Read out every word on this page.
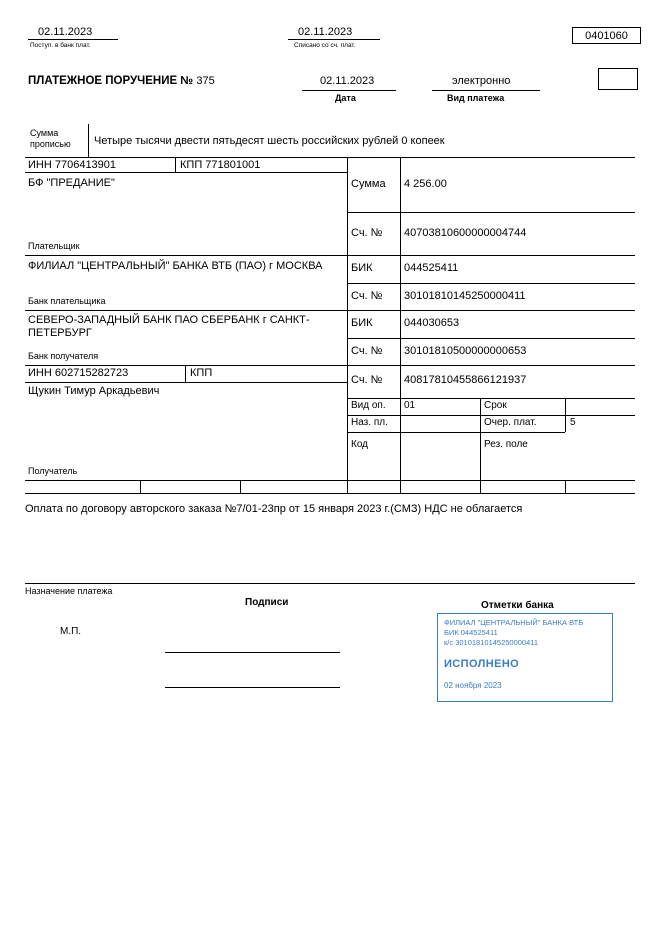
02.11.2023
Поступ. в банк плат.
02.11.2023
Списано со сч. плат.
0401060
ПЛАТЕЖНОЕ ПОРУЧЕНИЕ № 375	02.11.2023
Дата
электронно
Вид платежа
Сумма
прописью Четыре тысячи двести пятьдесят шесть российских рублей 0 копеек
ИНН 7706413901	КПП 771801001
БФ "ПРЕДАНИЕ"
Плательщик
Сумма 4 256.00
Сч. № 40703810600000004744
ФИЛИАЛ "ЦЕНТРАЛЬНЫЙ" БАНКА ВТБ (ПАО) г МОСКВА
Банк плательщика
БИК	044525411
Сч. № 30101810145250000411
СЕВЕРО-ЗАПАДНЫЙ БАНК ПАО СБЕРБАНК г САНКТ-ПЕТЕРБУРГ
Банк получателя
БИК	044030653
Сч. № 30101810500000000653
ИНН 602715282723	КПП
Сч. № 40817810455866121937
Щукин Тимур Аркадьевич
Получатель
Вид оп. 01	Срок
Наз. пл.	Очер. плат.	5
Код	Рез. поле
Оплата по договору авторского заказа №7/01-23пр от 15 января 2023 г.(СМЗ) НДС не облагается
Назначение платежа
Подписи	Отметки банка
М.П.
ФИЛИАЛ "ЦЕНТРАЛЬНЫЙ" БАНКА ВТБ
БИК 044525411
к/с 30101810145250000411
ИСПОЛНЕНО
02 ноября 2023
